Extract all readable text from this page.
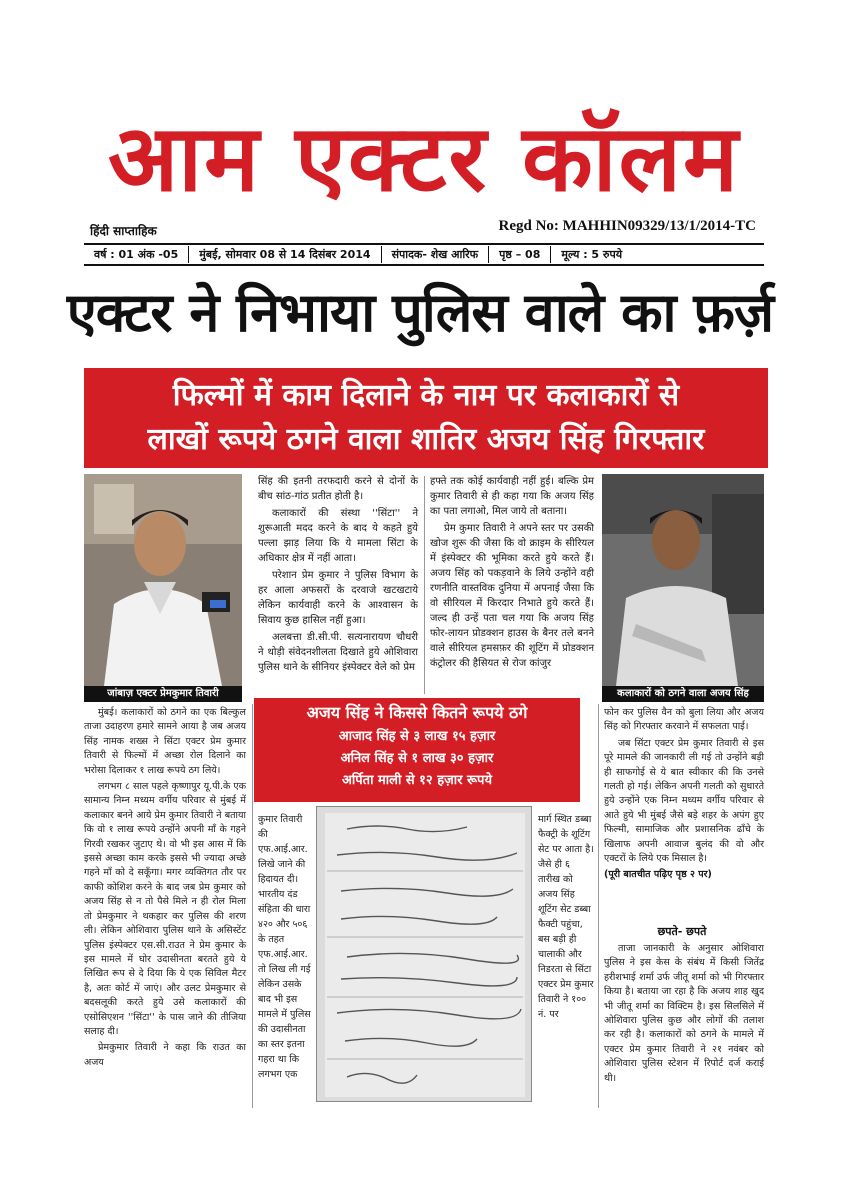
आम एक्टर कॉलम
हिंदी साप्ताहिक	Regd No: MAHHIN09329/13/1/2014-TC
वर्ष : 01 अंक -05	मुंबई, सोमवार 08 से 14 दिसंबर 2014	संपादक- शेख आरिफ	पृष्ठ – 08	मूल्य : 5 रुपये
एक्टर ने निभाया पुलिस वाले का फ़र्ज़
फिल्मों में काम दिलाने के नाम पर कलाकारों से
लाखों रूपये ठगने वाला शातिर अजय सिंह गिरफ्तार
जांबाज़ एक्टर प्रेमकुमार तिवारी	कलाकारों को ठगने वाला अजय सिंह

सिंह की इतनी तरफदारी करने से दोनों के बीच सांठ-गांठ प्रतीत होती है।

कलाकारों की संस्था ''सिंटा'' ने शुरूआती मदद करने के बाद ये कहते हुये पल्ला झाड़ लिया कि ये मामला सिंटा के अधिकार क्षेत्र में नहीं आता।

परेशान प्रेम कुमार ने पुलिस विभाग के हर आला अफसरों के दरवाजे खटखटाये लेकिन कार्यवाही करने के आश्वासन के सिवाय कुछ हासिल नहीं हुआ।

अलबत्ता डी.सी.पी. सत्यनारायण चौधरी ने थोड़ी संवेदनशीलता दिखाते हुये ओशिवारा पुलिस थाने के सीनियर इंस्पेक्टर वेले को प्रेम

हफ्ते तक कोई कार्यवाही नहीं हुई। बल्कि प्रेम कुमार तिवारी से ही कहा गया कि अजय सिंह का पता लगाओ, मिल जाये तो बताना।

प्रेम कुमार तिवारी ने अपने स्तर पर उसकी खोज शुरू की जैसा कि वो क्राइम के सीरियल में इंस्पेक्टर की भूमिका करते हुये करते हैं। अजय सिंह को पकड़वाने के लिये उन्होंने वही रणनीति वास्तविक दुनिया में अपनाई जैसा कि वो सीरियल में किरदार निभाते हुये करते हैं। जल्द ही उन्हें पता चल गया कि अजय सिंह फोर-लायन प्रोडक्शन हाउस के बैनर तले बनने वाले सीरियल हमसफ़र की शूटिंग में प्रोडक्शन कंट्रोलर की हैसियत से रोज कांजुर

अजय सिंह ने किससे कितने रूपये ठगे
आजाद सिंह से ३ लाख १५ हज़ार
अनिल सिंह से १ लाख ३० हज़ार
अर्पिता माली से १२ हज़ार रूपये

मुंबई। कलाकारों को ठगने का एक बिल्कुल ताजा उदाहरण हमारे सामने आया है जब अजय सिंह नामक शख्स ने सिंटा एक्टर प्रेम कुमार तिवारी से फिल्मों में अच्छा रोल दिलाने का भरोसा दिलाकर १ लाख रूपये ठग लिये।

लगभग ८ साल पहले कृष्णापुर यू.पी.के एक सामान्य निम्न मध्यम वर्गीय परिवार से मुंबई में कलाकार बनने आये प्रेम कुमार तिवारी ने बताया कि वो १ लाख रूपये उन्होंने अपनी माँ के गहने गिरवी रखकर जुटाए थे। वो भी इस आस में कि इससे अच्छा काम करके इससे भी ज्यादा अच्छे गहने माँ को दे सकूँगा। मगर व्यक्तिगत तौर पर काफी कोशिश करने के बाद जब प्रेम कुमार को अजय सिंह से न तो पैसे मिले न ही रोल मिला तो प्रेमकुमार ने थकहार कर पुलिस की शरण ली। लेकिन ओशिवारा पुलिस थाने के असिस्टेंट पुलिस इंस्पेक्टर एस.सी.राउत ने प्रेम कुमार के इस मामले में घोर उदासीनता बरतते हुये ये लिखित रूप से दे दिया कि ये एक सिविल मैटर है, अतः कोर्ट में जाएं। और उलट प्रेमकुमार से बदसलूकी करते हुये उसे कलाकारों की एसोसिएशन ''सिंटा'' के पास जाने की तीजिया सलाह दी।

प्रेमकुमार तिवारी ने कहा कि राउत का अजय

कुमार तिवारी की एफ.आई.आर. लिखे जाने की हिदायत दी। भारतीय दंड संहिता की धारा ४२० और ५०६ के तहत एफ.आई.आर. तो लिख ली गई लेकिन उसके बाद भी इस मामले में पुलिस की उदासीनता का स्तर इतना गहरा था कि लगभग एक

मार्ग स्थित डब्बा फैक्ट्री के शूटिंग सेट पर आता है। जैसे ही ६ तारीख को अजय सिंह शूटिंग सेट डब्बा फैक्टी पहुंचा, बस बड़ी ही चालाकी और निडरता से सिंटा एक्टर प्रेम कुमार तिवारी ने १०० नं. पर

फोन कर पुलिस वैन को बुला लिया और अजय सिंह को गिरफ्तार करवाने में सफलता पाई।

जब सिंटा एक्टर प्रेम कुमार तिवारी से इस पूरे मामले की जानकारी ली गई तो उन्होंने बड़ी ही साफगोई से ये बात स्वीकार की कि उनसे गलती हो गई। लेकिन अपनी गलती को सुधारते हुये उन्होंने एक निम्न मध्यम वर्गीय परिवार से आते हुये भी मुंबई जैसे बड़े शहर के अपंग हुए फिल्मी, सामाजिक और प्रशासनिक ढाँचे के खिलाफ अपनी आवाज बुलंद की वो और एक्टरों के लिये एक मिसाल है।

(पूरी बातचीत पढ़िए पृष्ठ २ पर)

छपते- छपते

ताजा जानकारी के अनुसार ओशिवारा पुलिस ने इस केस के संबंध में किसी जितेंद्र हरीशभाई शर्मा उर्फ जीतू शर्मा को भी गिरफ्तार किया है। बताया जा रहा है कि अजय शाह खुद भी जीतू शर्मा का विक्टिम है। इस सिलसिले में ओशिवारा पुलिस कुछ और लोगों की तलाश कर रही है। कलाकारों को ठगने के मामले में एक्टर प्रेम कुमार तिवारी ने २१ नवंबर को ओशिवारा पुलिस स्टेशन में रिपोर्ट दर्ज कराई थी।
